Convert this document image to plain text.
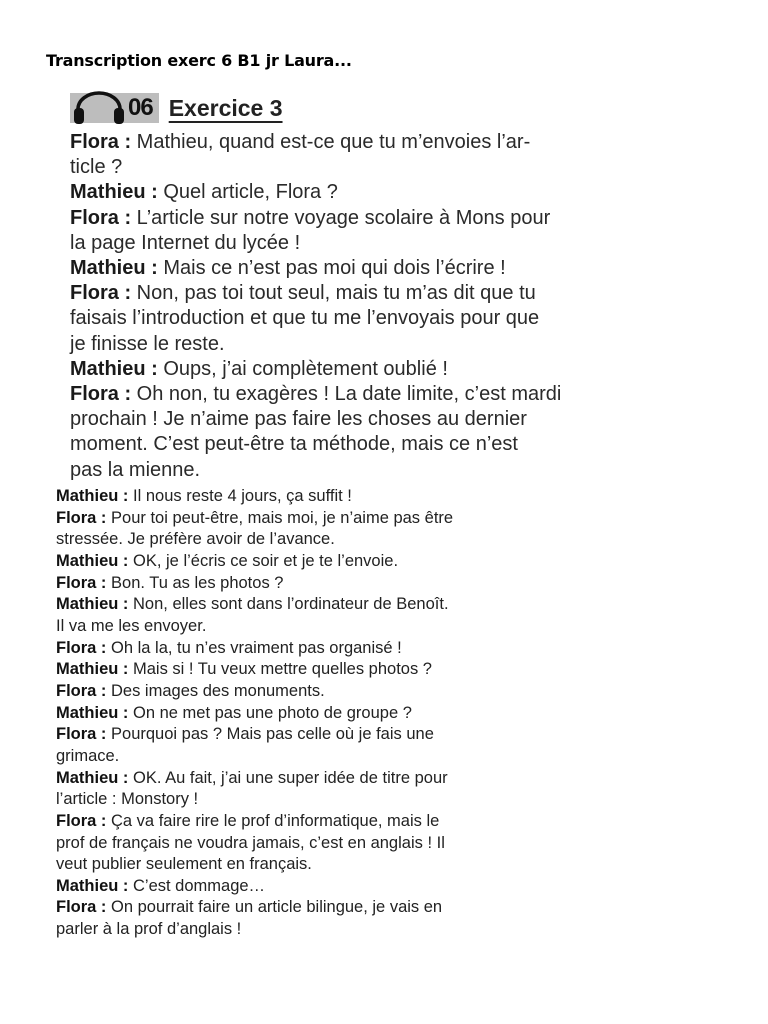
Transcription exerc 6 B1 jr Laura...
06 Exercice 3

Flora : Mathieu, quand est-ce que tu m’envoies l’ar-

ticle ?

Mathieu : Quel article, Flora ?

Flora : L’article sur notre voyage scolaire à Mons pour

la page Internet du lycée !

Mathieu : Mais ce n’est pas moi qui dois l’écrire !

Flora : Non, pas toi tout seul, mais tu m’as dit que tu

faisais l’introduction et que tu me l’envoyais pour que

je finisse le reste.

Mathieu : Oups, j’ai complètement oublié !

Flora : Oh non, tu exagères ! La date limite, c’est mardi

prochain ! Je n’aime pas faire les choses au dernier

moment. C’est peut-être ta méthode, mais ce n’est

pas la mienne.

Mathieu : Il nous reste 4 jours, ça suffit !

Flora : Pour toi peut-être, mais moi, je n’aime pas être

stressée. Je préfère avoir de l’avance.

Mathieu : OK, je l’écris ce soir et je te l’envoie.

Flora : Bon. Tu as les photos ?

Mathieu : Non, elles sont dans l’ordinateur de Benoît.

Il va me les envoyer.

Flora : Oh la la, tu n’es vraiment pas organisé !

Mathieu : Mais si ! Tu veux mettre quelles photos ?

Flora : Des images des monuments.

Mathieu : On ne met pas une photo de groupe ?

Flora : Pourquoi pas ? Mais pas celle où je fais une

grimace.

Mathieu : OK. Au fait, j’ai une super idée de titre pour

l’article : Monstory !

Flora : Ça va faire rire le prof d’informatique, mais le

prof de français ne voudra jamais, c’est en anglais ! Il

veut publier seulement en français.

Mathieu : C’est dommage…

Flora : On pourrait faire un article bilingue, je vais en

parler à la prof d’anglais !
